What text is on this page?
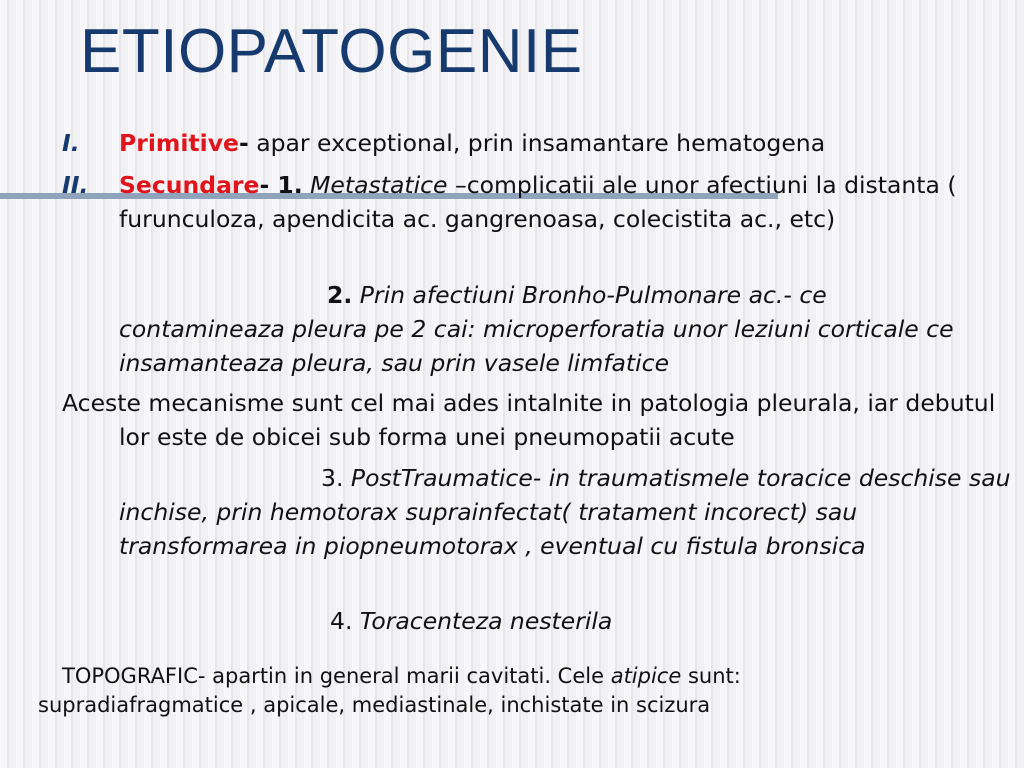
ETIOPATOGENIE
I. Primitive- apar exceptional, prin insamantare hematogena

II. Secundare- 1. Metastatice –complicatii ale unor afectiuni la distanta ( furunculoza, apendicita ac. gangrenoasa, colecistita ac., etc)

2. Prin afectiuni Bronho-Pulmonare ac.- ce contamineaza pleura pe 2 cai: microperforatia unor leziuni corticale ce insamanteaza pleura, sau prin vasele limfatice

Aceste mecanisme sunt cel mai ades intalnite in patologia pleurala, iar debutul lor este de obicei sub forma unei pneumopatii acute

3. PostTraumatice- in traumatismele toracice deschise sau inchise, prin hemotorax suprainfectat( tratament incorect) sau transformarea in piopneumotorax , eventual cu fistula bronsica

4. Toracenteza nesterila

TOPOGRAFIC- apartin in general marii cavitati. Cele atipice sunt: supradiafragmatice , apicale, mediastinale, inchistate in scizura
